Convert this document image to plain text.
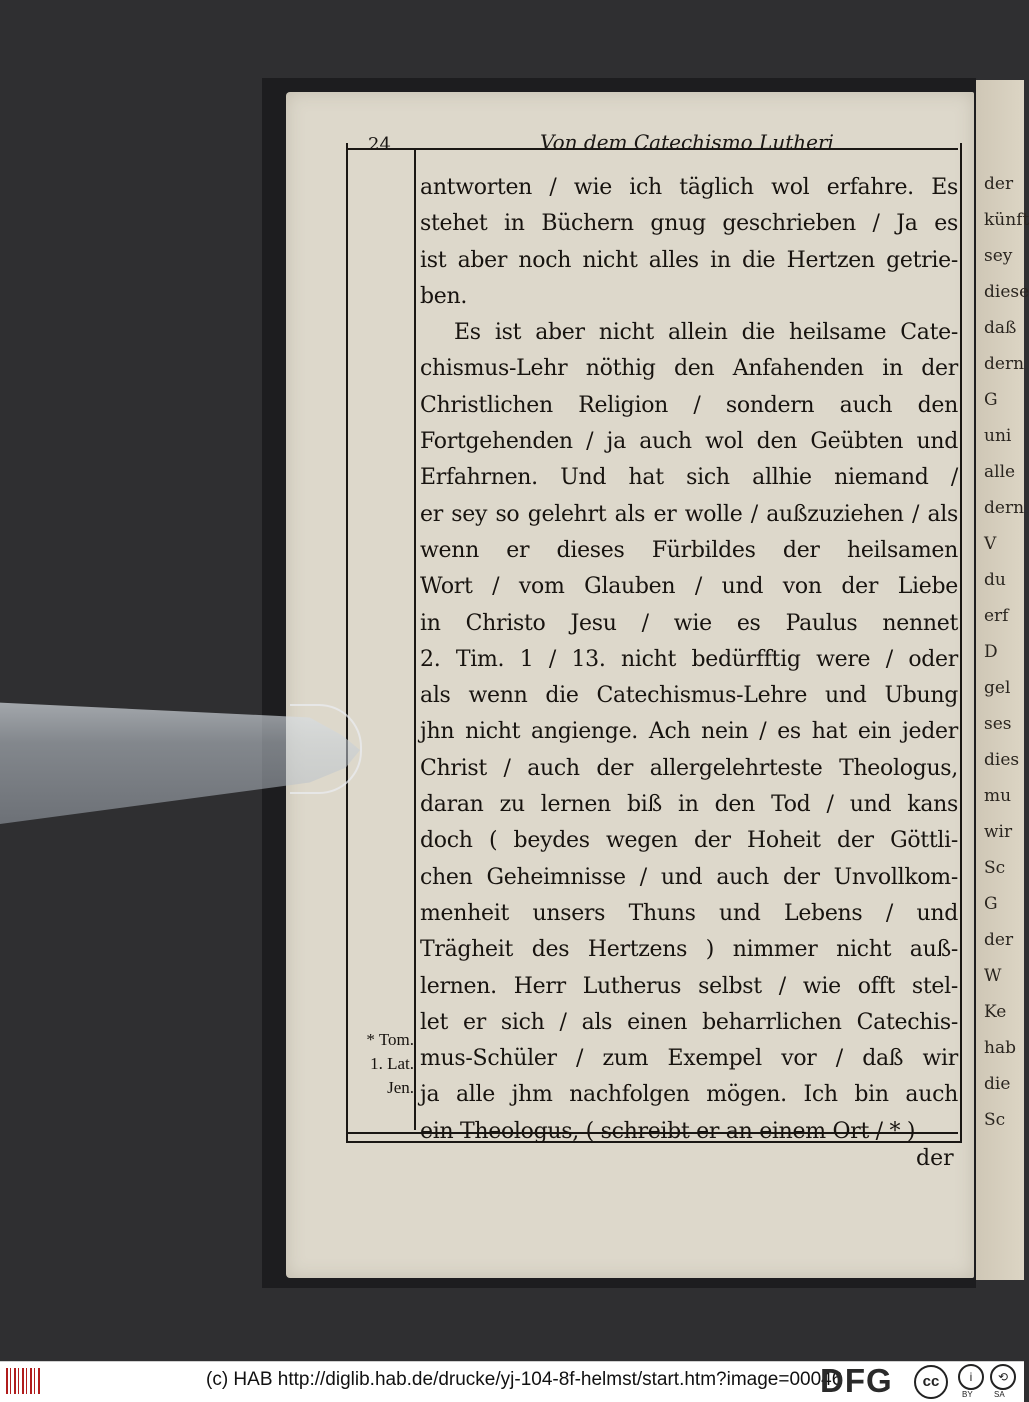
der
künft
sey
diese
daß
dern
G
uni
alle
dern
V
du
erf
D
gel
ses
dies
mu
wir
Sc
G
der
W
Ke
hab
die
Sc
24	Von dem Catechismo Lutheri
antworten / wie ich täglich wol erfahre. Es
stehet in Büchern gnug geschrieben / Ja es
ist aber noch nicht alles in die Hertzen getrie-
ben.
Es ist aber nicht allein die heilsame Cate-
chismus-Lehr nöthig den Anfahenden in der
Christlichen Religion / sondern auch den
Fortgehenden / ja auch wol den Geübten und
Erfahrnen. Und hat sich allhie niemand /
er sey so gelehrt als er wolle / außzuziehen / als
wenn er dieses Fürbildes der heilsamen
Wort / vom Glauben / und von der Liebe
in Christo Jesu / wie es Paulus nennet
2. Tim. 1 / 13. nicht bedürfftig were / oder
als wenn die Catechismus-Lehre und Ubung
jhn nicht angienge. Ach nein / es hat ein jeder
Christ / auch der allergelehrteste Theologus,
daran zu lernen biß in den Tod / und kans
doch ( beydes wegen der Hoheit der Göttli-
chen Geheimnisse / und auch der Unvollkom-
menheit unsers Thuns und Lebens / und
Trägheit des Hertzens ) nimmer nicht auß-
lernen. Herr Lutherus selbst / wie offt stel-
let er sich / als einen beharrlichen Catechis-
mus-Schüler / zum Exempel vor / daß wir
ja alle jhm nachfolgen mögen. Ich bin auch
ein Theologus, ( schreibt er an einem Ort / * )
* Tom.
1. Lat.
Jen.
der
(c) HAB http://diglib.hab.de/drucke/yj-104-8f-helmst/start.htm?image=00046
DFG	cc	i	⟲
BY	SA
